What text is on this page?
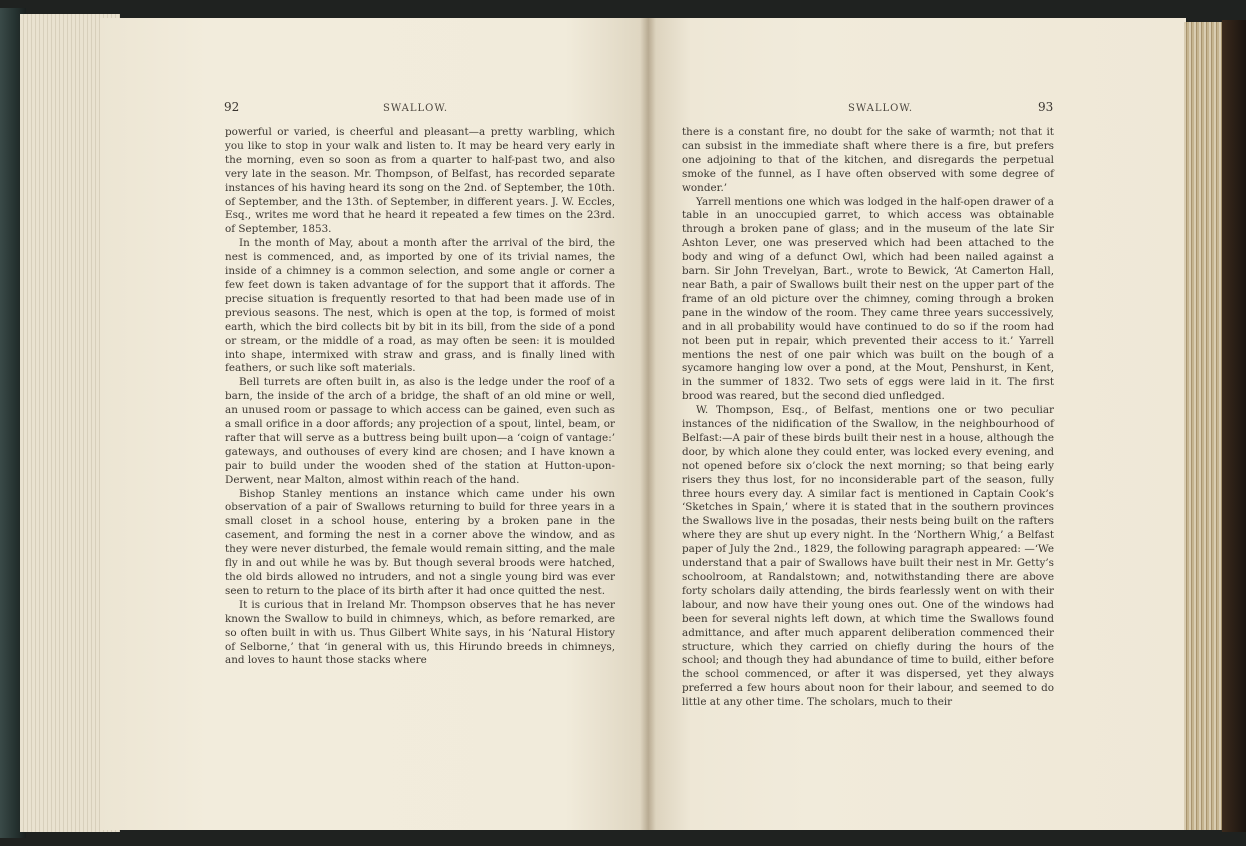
92	SWALLOW.

powerful or varied, is cheerful and pleasant—a pretty warbling, which you like to stop in your walk and listen to. It may be heard very early in the morning, even so soon as from a quarter to half-past two, and also very late in the season. Mr. Thompson, of Belfast, has recorded separate instances of his having heard its song on the 2nd. of September, the 10th. of September, and the 13th. of September, in different years. J. W. Eccles, Esq., writes me word that he heard it repeated a few times on the 23rd. of September, 1853.

In the month of May, about a month after the arrival of the bird, the nest is commenced, and, as imported by one of its trivial names, the inside of a chimney is a common selection, and some angle or corner a few feet down is taken advantage of for the support that it affords. The precise situation is frequently resorted to that had been made use of in previous seasons. The nest, which is open at the top, is formed of moist earth, which the bird collects bit by bit in its bill, from the side of a pond or stream, or the middle of a road, as may often be seen: it is moulded into shape, intermixed with straw and grass, and is finally lined with feathers, or such like soft materials.

Bell turrets are often built in, as also is the ledge under the roof of a barn, the inside of the arch of a bridge, the shaft of an old mine or well, an unused room or passage to which access can be gained, even such as a small orifice in a door affords; any projection of a spout, lintel, beam, or rafter that will serve as a buttress being built upon—a ‘coign of vantage:’ gateways, and outhouses of every kind are chosen; and I have known a pair to build under the wooden shed of the station at Hutton-upon-Derwent, near Malton, almost within reach of the hand.

Bishop Stanley mentions an instance which came under his own observation of a pair of Swallows returning to build for three years in a small closet in a school house, entering by a broken pane in the casement, and forming the nest in a corner above the window, and as they were never disturbed, the female would remain sitting, and the male fly in and out while he was by. But though several broods were hatched, the old birds allowed no intruders, and not a single young bird was ever seen to return to the place of its birth after it had once quitted the nest.

It is curious that in Ireland Mr. Thompson observes that he has never known the Swallow to build in chimneys, which, as before remarked, are so often built in with us. Thus Gilbert White says, in his ‘Natural History of Selborne,’ that ‘in general with us, this Hirundo breeds in chimneys, and loves to haunt those stacks where

SWALLOW.	93

there is a constant fire, no doubt for the sake of warmth; not that it can subsist in the immediate shaft where there is a fire, but prefers one adjoining to that of the kitchen, and disregards the perpetual smoke of the funnel, as I have often observed with some degree of wonder.’

Yarrell mentions one which was lodged in the half-open drawer of a table in an unoccupied garret, to which access was obtainable through a broken pane of glass; and in the museum of the late Sir Ashton Lever, one was preserved which had been attached to the body and wing of a defunct Owl, which had been nailed against a barn. Sir John Trevelyan, Bart., wrote to Bewick, ‘At Camerton Hall, near Bath, a pair of Swallows built their nest on the upper part of the frame of an old picture over the chimney, coming through a broken pane in the window of the room. They came three years successively, and in all probability would have continued to do so if the room had not been put in repair, which prevented their access to it.’ Yarrell mentions the nest of one pair which was built on the bough of a sycamore hanging low over a pond, at the Mout, Penshurst, in Kent, in the summer of 1832. Two sets of eggs were laid in it. The first brood was reared, but the second died unfledged.

W. Thompson, Esq., of Belfast, mentions one or two peculiar instances of the nidification of the Swallow, in the neighbourhood of Belfast:—A pair of these birds built their nest in a house, although the door, by which alone they could enter, was locked every evening, and not opened before six o’clock the next morning; so that being early risers they thus lost, for no inconsiderable part of the season, fully three hours every day. A similar fact is mentioned in Captain Cook’s ‘Sketches in Spain,’ where it is stated that in the southern provinces the Swallows live in the posadas, their nests being built on the rafters where they are shut up every night. In the ‘Northern Whig,’ a Belfast paper of July the 2nd., 1829, the following paragraph appeared: —‘We understand that a pair of Swallows have built their nest in Mr. Getty’s schoolroom, at Randalstown; and, notwithstanding there are above forty scholars daily attending, the birds fearlessly went on with their labour, and now have their young ones out. One of the windows had been for several nights left down, at which time the Swallows found admittance, and after much apparent deliberation commenced their structure, which they carried on chiefly during the hours of the school; and though they had abundance of time to build, either before the school commenced, or after it was dispersed, yet they always preferred a few hours about noon for their labour, and seemed to do little at any other time. The scholars, much to their
